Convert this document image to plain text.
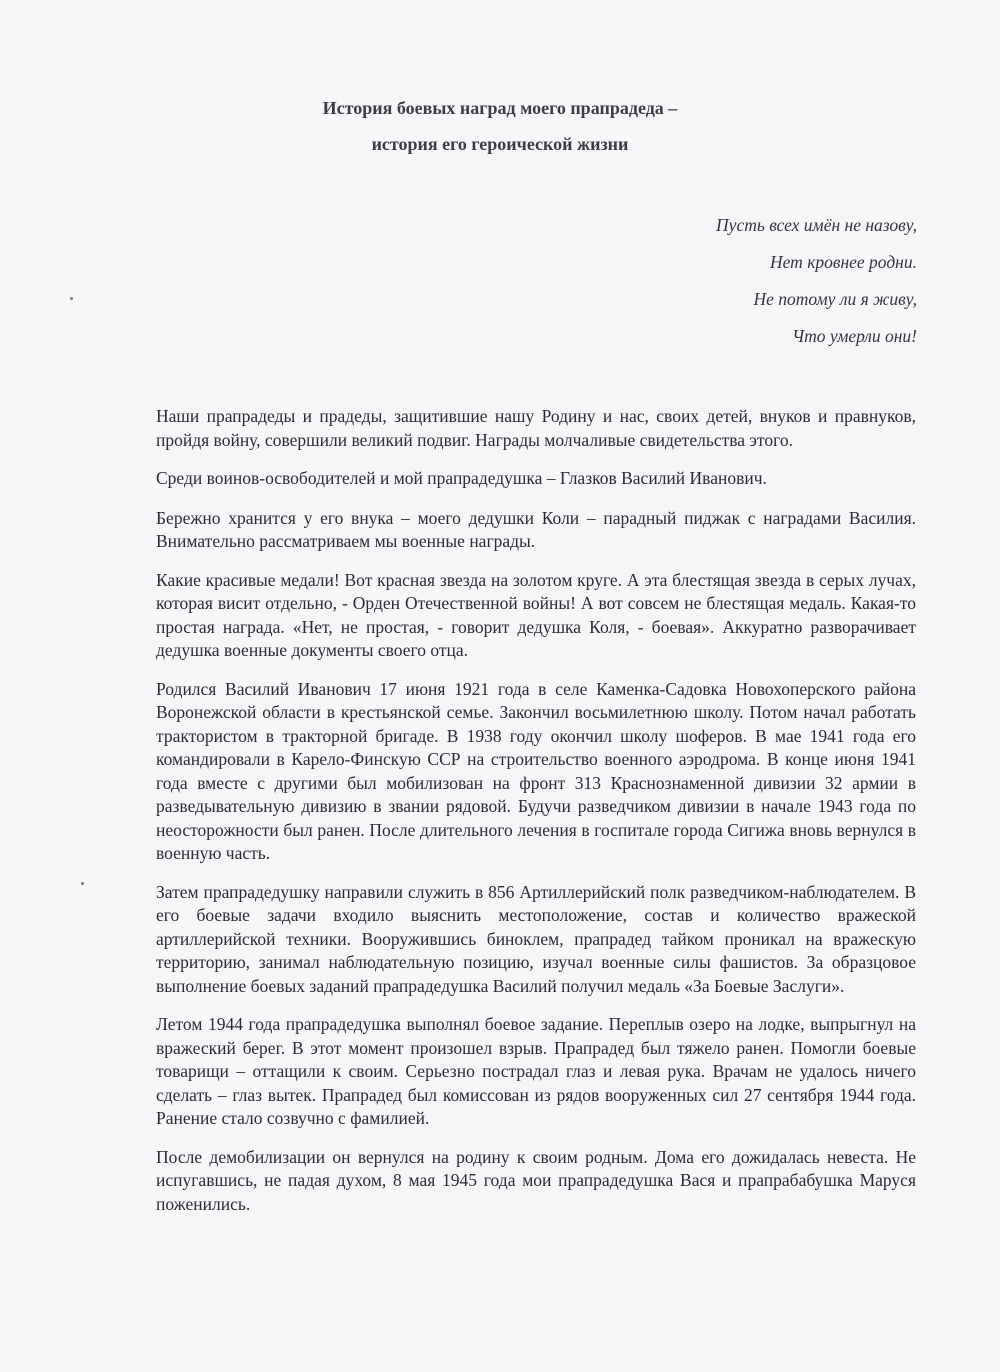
История боевых наград моего прапрадеда –
история его героической жизни
Пусть всех имён не назову,
Нет кровнее родни.
Не потому ли я живу,
Что умерли они!

Наши прапрадеды и прадеды, защитившие нашу Родину и нас, своих детей, внуков и правнуков, пройдя войну, совершили великий подвиг. Награды молчаливые свидетельства этого.

Среди воинов-освободителей и мой прапрадедушка – Глазков Василий Иванович.

Бережно хранится у его внука – моего дедушки Коли – парадный пиджак с наградами Василия. Внимательно рассматриваем мы военные награды.

Какие красивые медали! Вот красная звезда на золотом круге. А эта блестящая звезда в серых лучах, которая висит отдельно, - Орден Отечественной войны! А вот совсем не блестящая медаль. Какая-то простая награда. «Нет, не простая, - говорит дедушка Коля, - боевая». Аккуратно разворачивает дедушка военные документы своего отца.

Родился Василий Иванович 17 июня 1921 года в селе Каменка-Садовка Новохоперского района Воронежской области в крестьянской семье. Закончил восьмилетнюю школу. Потом начал работать трактористом в тракторной бригаде. В 1938 году окончил школу шоферов. В мае 1941 года его командировали в Карело-Финскую ССР на строительство военного аэродрома. В конце июня 1941 года вместе с другими был мобилизован на фронт 313 Краснознаменной дивизии 32 армии в разведывательную дивизию в звании рядовой. Будучи разведчиком дивизии в начале 1943 года по неосторожности был ранен. После длительного лечения в госпитале города Сигижа вновь вернулся в военную часть.

Затем прапрадедушку направили служить в 856 Артиллерийский полк разведчиком-наблюдателем. В его боевые задачи входило выяснить местоположение, состав и количество вражеской артиллерийской техники. Вооружившись биноклем, прапрадед тайком проникал на вражескую территорию, занимал наблюдательную позицию, изучал военные силы фашистов. За образцовое выполнение боевых заданий прапрадедушка Василий получил медаль «За Боевые Заслуги».

Летом 1944 года прапрадедушка выполнял боевое задание. Переплыв озеро на лодке, выпрыгнул на вражеский берег. В этот момент произошел взрыв. Прапрадед был тяжело ранен. Помогли боевые товарищи – оттащили к своим. Серьезно пострадал глаз и левая рука. Врачам не удалось ничего сделать – глаз вытек. Прапрадед был комиссован из рядов вооруженных сил 27 сентября 1944 года. Ранение стало созвучно с фамилией.

После демобилизации он вернулся на родину к своим родным. Дома его дожидалась невеста. Не испугавшись, не падая духом, 8 мая 1945 года мои прапрадедушка Вася и прапрабабушка Маруся поженились.
